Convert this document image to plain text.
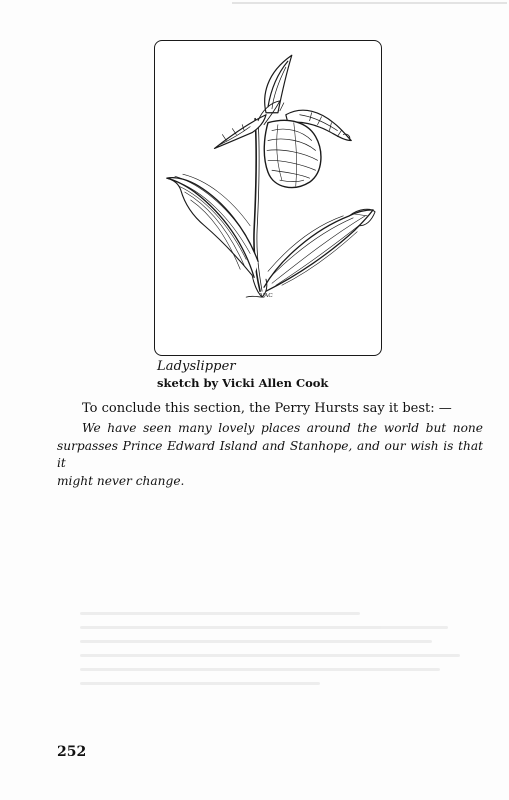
VAC
Ladyslipper
sketch by Vicki Allen Cook
To conclude this section, the Perry Hursts say it best: —
We have seen many lovely places around the world but none
surpasses Prince Edward Island and Stanhope, and our wish is that it
might never change.
252
